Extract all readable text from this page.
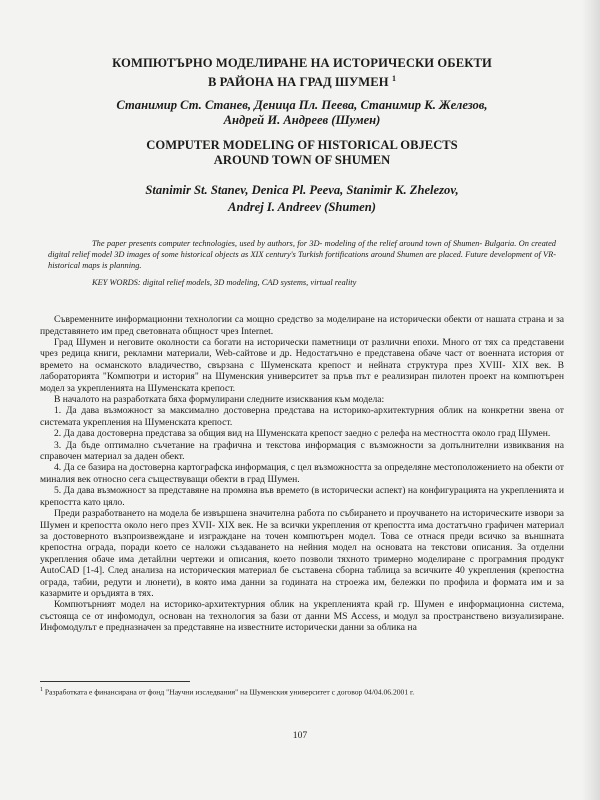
КОМПЮТЪРНО МОДЕЛИРАНЕ НА ИСТОРИЧЕСКИ ОБЕКТИ
В РАЙОНА НА ГРАД ШУМЕН $^1$
Станимир Ст. Станев, Деница Пл. Пеева, Станимир К. Железов,
Андрей И. Андреев (Шумен)
COMPUTER MODELING OF HISTORICAL OBJECTS
AROUND TOWN OF SHUMEN
Stanimir St. Stanev, Denica Pl. Peeva, Stanimir K. Zhelezov,
Andrej I. Andreev (Shumen)
The paper presents computer technologies, used by authors, for 3D- modeling of the relief around town of Shumen- Bulgaria. On created digital relief model 3D images of some historical objects as XIX century's Turkish fortifications around Shumen are placed. Future development of VR- historical maps is planning.
KEY WORDS: digital relief models, 3D modeling, CAD systems, virtual reality

Съвременните информационни технологии са мощно средство за моделиране на исторически обекти от нашата страна и за представянето им пред световната общност чрез Internet.

Град Шумен и неговите околности са богати на исторически паметници от различни епохи. Много от тях са представени чрез редица книги, рекламни материали, Web-сайтове и др. Недостатъчно е представена обаче част от военната история от времето на османското владичество, свързана с Шуменската крепост и нейната структура през XVIII- XIX век. В лабораторията "Компютри и история" на Шуменския университет за пръв път е реализиран пилотен проект на компютърен модел за укрепленията на Шуменската крепост.

В началото на разработката бяха формулирани следните изисквания към модела:

1. Да дава възможност за максимално достоверна представа на историко-архитектурния облик на конкретни звена от системата укрепления на Шуменската крепост.

2. Да дава достоверна представа за общия вид на Шуменската крепост заедно с релефа на местността около град Шумен.

3. Да бъде оптимално съчетание на графична и текстова информация с възможности за допълнителни извиквания на справочен материал за даден обект.

4. Да се базира на достоверна картографска информация, с цел възможността за определяне местоположението на обекти от миналия век относно сега съществуващи обекти в град Шумен.

5. Да дава възможност за представяне на промяна във времето (в исторически аспект) на конфигурацията на укрепленията и крепостта като цяло.

Преди разработването на модела бе извършена значителна работа по събирането и проучването на историческите извори за Шумен и крепостта около него през XVII- XIX век. Не за всички укрепления от крепостта има достатъчно графичен материал за достоверното възпроизвеждане и изграждане на точен компютърен модел. Това се отнася преди всичко за външната крепостна ограда, поради което се наложи създаването на нейния модел на основата на текстови описания. За отделни укрепления обаче има детайлни чертежи и описания, което позволи тяхното тримерно моделиране с програмния продукт AutoCAD [1-4]. След анализа на историческия материал бе съставена сборна таблица за всичките 40 укрепления (крепостна ограда, табии, редути и люнети), в която има данни за годината на строежа им, бележки по профила и формата им и за казармите и оръдията в тях.

Компютърният модел на историко-архитектурния облик на укрепленията край гр. Шумен е информационна система, състояща се от инфомодул, основан на технология за бази от данни MS Access, и модул за пространствено визуализиране. Инфомодулът е предназначен за представяне на известните исторически данни за облика на

$^1$ Разработката е финансирана от фонд "Научни изследвания" на Шуменския университет с договор 04/04.06.2001 г.
107
